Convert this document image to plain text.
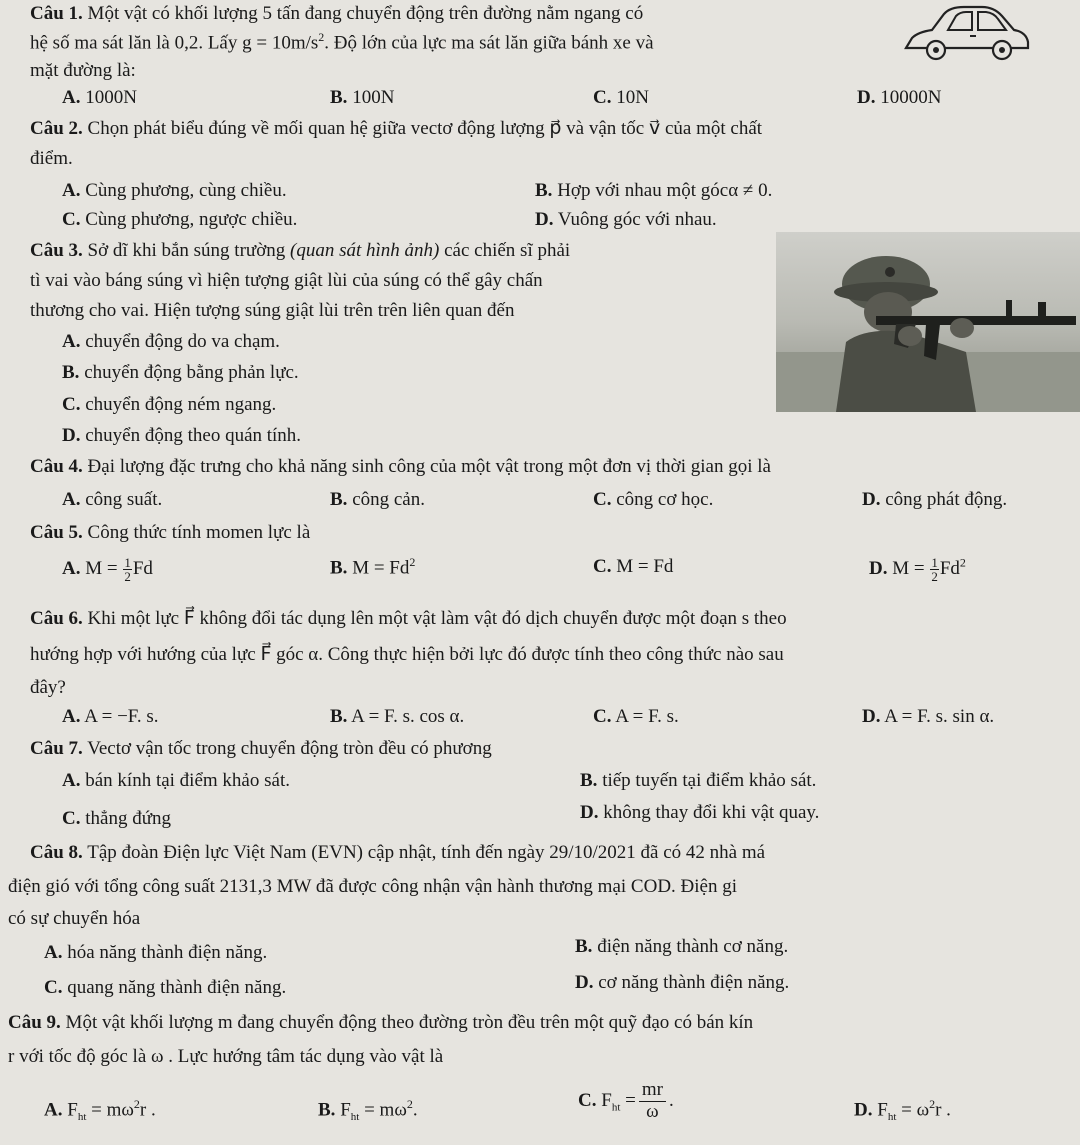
Câu 1. Một vật có khối lượng 5 tấn đang chuyển động trên đường nằm ngang có
hệ số ma sát lăn là 0,2. Lấy $g = 10m/s^2$. Độ lớn của lực ma sát lăn giữa bánh xe và
mặt đường là:
A. 1000N	B. 100N	C. 10N	D. 10000N
Câu 2. Chọn phát biểu đúng về mối quan hệ giữa vectơ động lượng p⃗ và vận tốc v⃗ của một chất
điểm.
A. Cùng phương, cùng chiều.	B. Hợp với nhau một gócα ≠ 0.
C. Cùng phương, ngược chiều.	D. Vuông góc với nhau.
Câu 3. Sở dĩ khi bắn súng trường (quan sát hình ảnh) các chiến sĩ phải
tì vai vào báng súng vì hiện tượng giật lùi của súng có thể gây chấn
thương cho vai. Hiện tượng súng giật lùi trên trên liên quan đến
A. chuyển động do va chạm.
B. chuyển động bằng phản lực.
C. chuyển động ném ngang.
D. chuyển động theo quán tính.
Câu 4. Đại lượng đặc trưng cho khả năng sinh công của một vật trong một đơn vị thời gian gọi là
A. công suất.	B. công cản.	C. công cơ học.	D. công phát động.
Câu 5. Công thức tính momen lực là
A. $M = \frac{1}{2}$ Fd	B. $M = Fd^2$	C. M = Fd	D. $M = \frac{1}{2} Fd^2$
Câu 6. Khi một lực F⃗ không đổi tác dụng lên một vật làm vật đó dịch chuyển được một đoạn s theo
hướng hợp với hướng của lực F⃗ góc α. Công thực hiện bởi lực đó được tính theo công thức nào sau
đây?
A. A = −F. s.	B. A = F. s. cos α.	C. A = F. s.	D. A = F. s. sin α.
Câu 7. Vectơ vận tốc trong chuyển động tròn đều có phương
A. bán kính tại điểm khảo sát.	B. tiếp tuyến tại điểm khảo sát.
C. thẳng đứng	D. không thay đổi khi vật quay.
Câu 8. Tập đoàn Điện lực Việt Nam (EVN) cập nhật, tính đến ngày 29/10/2021 đã có 42 nhà má
điện gió với tổng công suất 2131,3 MW đã được công nhận vận hành thương mại COD. Điện gi
có sự chuyển hóa
A. hóa năng thành điện năng.	B. điện năng thành cơ năng.
C. quang năng thành điện năng.	D. cơ năng thành điện năng.
Câu 9. Một vật khối lượng m đang chuyển động theo đường tròn đều trên một quỹ đạo có bán kín
r với tốc độ góc là ω . Lực hướng tâm tác dụng vào vật là
A. $F_{ht} = m\omega^2r$ .	B. $F_{ht} = m\omega^2$.	C. $F_{ht} = \frac{mr}{\omega}$ .	D. $F_{ht} = \omega^2r$ .
